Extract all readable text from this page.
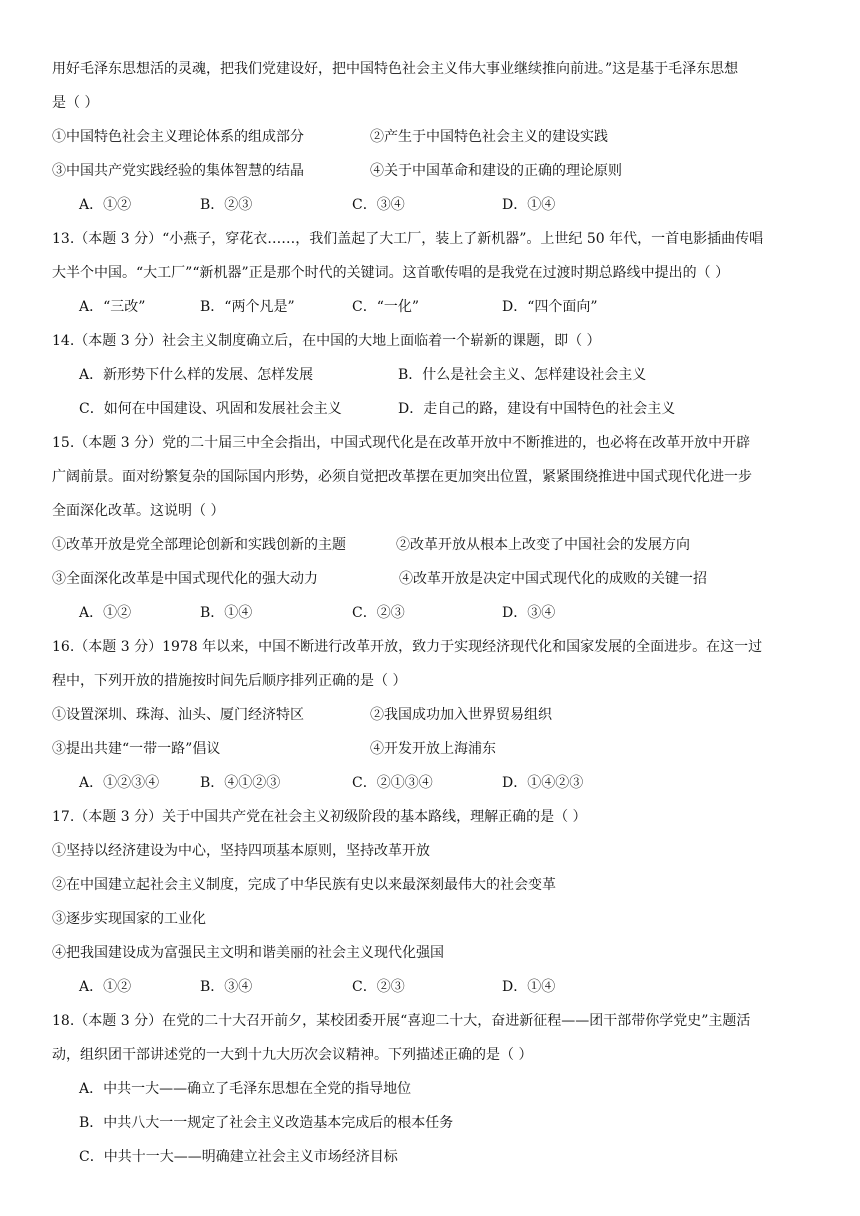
用好毛泽东思想活的灵魂，把我们党建设好，把中国特色社会主义伟大事业继续推向前进。”这是基于毛泽东思想
是（ ）
①中国特色社会主义理论体系的组成部分	②产生于中国特色社会主义的建设实践
③中国共产党实践经验的集体智慧的结晶	④关于中国革命和建设的正确的理论原则
A．①②	B．②③	C．③④	D．①④
13.（本题 3 分）“小燕子，穿花衣……，我们盖起了大工厂，装上了新机器”。上世纪 50 年代，一首电影插曲传唱
大半个中国。“大工厂”“新机器”正是那个时代的关键词。这首歌传唱的是我党在过渡时期总路线中提出的（ ）
A．“三改”	B．“两个凡是”	C．“一化”	D．“四个面向”
14.（本题 3 分）社会主义制度确立后，在中国的大地上面临着一个崭新的课题，即（ ）
A．新形势下什么样的发展、怎样发展	B．什么是社会主义、怎样建设社会主义
C．如何在中国建设、巩固和发展社会主义	D．走自己的路，建设有中国特色的社会主义
15.（本题 3 分）党的二十届三中全会指出，中国式现代化是在改革开放中不断推进的，也必将在改革开放中开辟
广阔前景。面对纷繁复杂的国际国内形势，必须自觉把改革摆在更加突出位置，紧紧围绕推进中国式现代化进一步
全面深化改革。这说明（ ）
①改革开放是党全部理论创新和实践创新的主题	②改革开放从根本上改变了中国社会的发展方向
③全面深化改革是中国式现代化的强大动力	④改革开放是决定中国式现代化的成败的关键一招
A．①②	B．①④	C．②③	D．③④
16.（本题 3 分）1978 年以来，中国不断进行改革开放，致力于实现经济现代化和国家发展的全面进步。在这一过
程中，下列开放的措施按时间先后顺序排列正确的是（ ）
①设置深圳、珠海、汕头、厦门经济特区	②我国成功加入世界贸易组织
③提出共建“一带一路”倡议	④开发开放上海浦东
A．①②③④	B．④①②③	C．②①③④	D．①④②③
17.（本题 3 分）关于中国共产党在社会主义初级阶段的基本路线，理解正确的是（ ）
①坚持以经济建设为中心，坚持四项基本原则，坚持改革开放
②在中国建立起社会主义制度，完成了中华民族有史以来最深刻最伟大的社会变革
③逐步实现国家的工业化
④把我国建设成为富强民主文明和谐美丽的社会主义现代化强国
A．①②	B．③④	C．②③	D．①④
18.（本题 3 分）在党的二十大召开前夕，某校团委开展“喜迎二十大，奋进新征程——团干部带你学党史”主题活
动，组织团干部讲述党的一大到十九大历次会议精神。下列描述正确的是（ ）
A．中共一大——确立了毛泽东思想在全党的指导地位
B．中共八大一一规定了社会主义改造基本完成后的根本任务
C．中共十一大——明确建立社会主义市场经济目标
